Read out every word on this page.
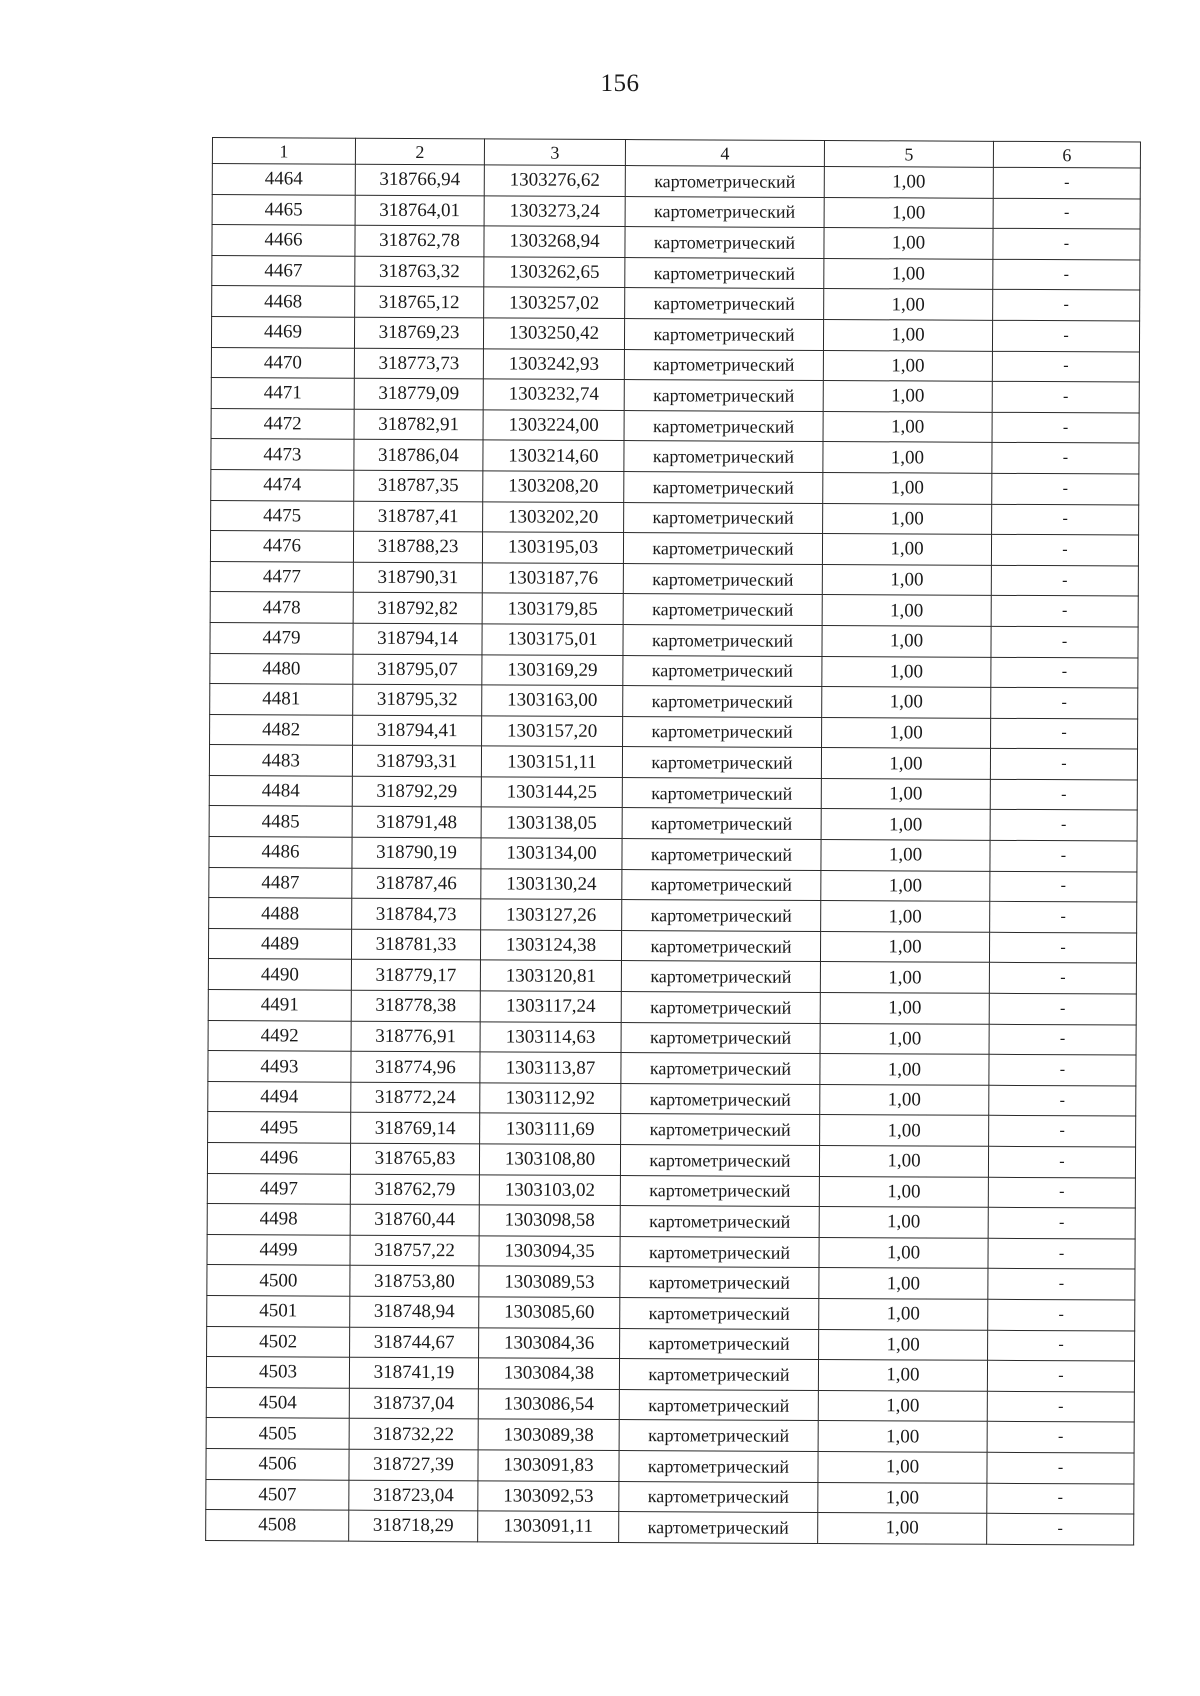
156
1	2	3	4	5	6
4464	318766,94	1303276,62	картометрический	1,00	-
4465	318764,01	1303273,24	картометрический	1,00	-
4466	318762,78	1303268,94	картометрический	1,00	-
4467	318763,32	1303262,65	картометрический	1,00	-
4468	318765,12	1303257,02	картометрический	1,00	-
4469	318769,23	1303250,42	картометрический	1,00	-
4470	318773,73	1303242,93	картометрический	1,00	-
4471	318779,09	1303232,74	картометрический	1,00	-
4472	318782,91	1303224,00	картометрический	1,00	-
4473	318786,04	1303214,60	картометрический	1,00	-
4474	318787,35	1303208,20	картометрический	1,00	-
4475	318787,41	1303202,20	картометрический	1,00	-
4476	318788,23	1303195,03	картометрический	1,00	-
4477	318790,31	1303187,76	картометрический	1,00	-
4478	318792,82	1303179,85	картометрический	1,00	-
4479	318794,14	1303175,01	картометрический	1,00	-
4480	318795,07	1303169,29	картометрический	1,00	-
4481	318795,32	1303163,00	картометрический	1,00	-
4482	318794,41	1303157,20	картометрический	1,00	-
4483	318793,31	1303151,11	картометрический	1,00	-
4484	318792,29	1303144,25	картометрический	1,00	-
4485	318791,48	1303138,05	картометрический	1,00	-
4486	318790,19	1303134,00	картометрический	1,00	-
4487	318787,46	1303130,24	картометрический	1,00	-
4488	318784,73	1303127,26	картометрический	1,00	-
4489	318781,33	1303124,38	картометрический	1,00	-
4490	318779,17	1303120,81	картометрический	1,00	-
4491	318778,38	1303117,24	картометрический	1,00	-
4492	318776,91	1303114,63	картометрический	1,00	-
4493	318774,96	1303113,87	картометрический	1,00	-
4494	318772,24	1303112,92	картометрический	1,00	-
4495	318769,14	1303111,69	картометрический	1,00	-
4496	318765,83	1303108,80	картометрический	1,00	-
4497	318762,79	1303103,02	картометрический	1,00	-
4498	318760,44	1303098,58	картометрический	1,00	-
4499	318757,22	1303094,35	картометрический	1,00	-
4500	318753,80	1303089,53	картометрический	1,00	-
4501	318748,94	1303085,60	картометрический	1,00	-
4502	318744,67	1303084,36	картометрический	1,00	-
4503	318741,19	1303084,38	картометрический	1,00	-
4504	318737,04	1303086,54	картометрический	1,00	-
4505	318732,22	1303089,38	картометрический	1,00	-
4506	318727,39	1303091,83	картометрический	1,00	-
4507	318723,04	1303092,53	картометрический	1,00	-
4508	318718,29	1303091,11	картометрический	1,00	-
